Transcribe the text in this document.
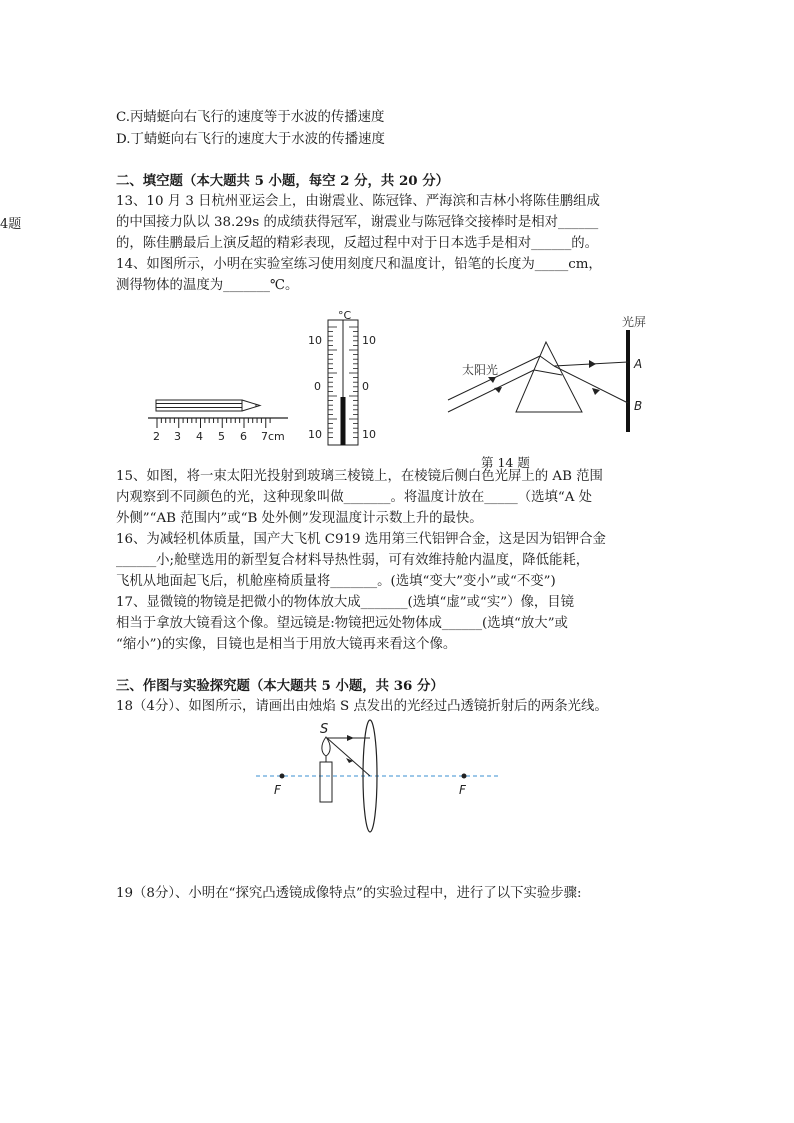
4题
C.丙蜻蜓向右飞行的速度等于水波的传播速度
D.丁蜻蜓向右飞行的速度大于水波的传播速度
二、填空题（本大题共 5 小题，每空 2 分，共 20 分）
13、10 月 3 日杭州亚运会上，由谢震业、陈冠锋、严海滨和吉林小将陈佳鹏组成
的中国接力队以 38.29s 的成绩获得冠军，谢震业与陈冠锋交接棒时是相对______
的，陈佳鹏最后上演反超的精彩表现，反超过程中对于日本选手是相对______的。
14、如图所示，小明在实验室练习使用刻度尺和温度计，铅笔的长度为_____cm，
测得物体的温度为_______℃。
2 3 4 5 6 7cm
°C
10
0
10
10
0
10
光屏
太阳光	A
B
第 14 题
15、如图，将一束太阳光投射到玻璃三棱镜上，在棱镜后侧白色光屏上的 AB 范围
内观察到不同颜色的光，这种现象叫做_______。将温度计放在_____（选填“A 处
外侧”“AB 范围内”或“B 处外侧”发现温度计示数上升的最快。
16、为减轻机体质量，国产大飞机 C919 选用第三代铝钾合金，这是因为铝钾合金
______小;舱壁选用的新型复合材料导热性弱，可有效维持舱内温度，降低能耗，
飞机从地面起飞后，机舱座椅质量将_______。(选填“变大”变小”或“不变”)
17、显微镜的物镜是把微小的物体放大成_______(选填“虚”或“实”）像，目镜
相当于拿放大镜看这个像。望远镜是:物镜把远处物体成______(选填“放大”或
“缩小”)的实像，目镜也是相当于用放大镜再来看这个像。
三、作图与实验探究题（本大题共 5 小题，共 36 分）
18（4分）、如图所示，请画出由烛焰 S 点发出的光经过凸透镜折射后的两条光线。
S
F	F
19（8分）、小明在“探究凸透镜成像特点”的实验过程中，进行了以下实验步骤:
